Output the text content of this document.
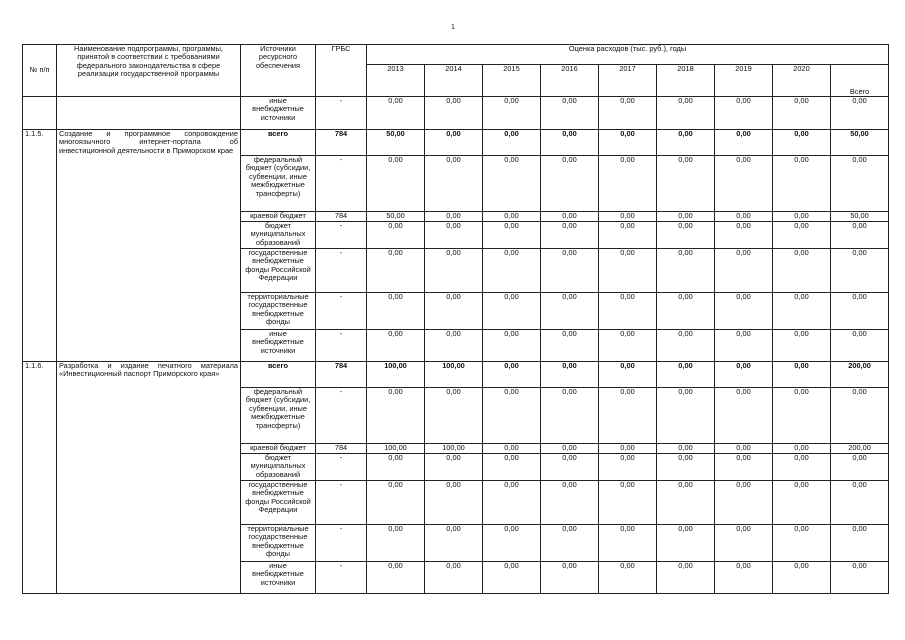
1
№ п/п	Наименование подпрограммы, программы, принятой в соответствии с требованиями федерального законодательства в сфере реализации государственной программы	Источники ресурсного обеспечения	ГРБС	Оценка расходов (тыс. руб.), годы								
				2013	2014	2015	2016	2017	2018	2019	2020	Всего
		иные внебюджетные источники	-	0,00	0,00	0,00	0,00	0,00	0,00	0,00	0,00	0,00
1.1.5.	Создание и программное сопровождение многоязычного интернет-портала об инвестиционной деятельности в Приморском крае	всего	784	50,00	0,00	0,00	0,00	0,00	0,00	0,00	0,00	50,00
		федеральный бюджет (субсидии, субвенции, иные межбюджетные трансферты)	-	0,00	0,00	0,00	0,00	0,00	0,00	0,00	0,00	0,00
		краевой бюджет	784	50,00	0,00	0,00	0,00	0,00	0,00	0,00	0,00	50,00
		бюджет муниципальных образований	-	0,00	0,00	0,00	0,00	0,00	0,00	0,00	0,00	0,00
		государственные внебюджетные фонды Российской Федерации	-	0,00	0,00	0,00	0,00	0,00	0,00	0,00	0,00	0,00
		территориальные государственные внебюджетные фонды	-	0,00	0,00	0,00	0,00	0,00	0,00	0,00	0,00	0,00
		иные внебюджетные источники	-	0,00	0,00	0,00	0,00	0,00	0,00	0,00	0,00	0,00
1.1.6.	Разработка и издание печатного материала «Инвестиционный паспорт Приморского края»	всего	784	100,00	100,00	0,00	0,00	0,00	0,00	0,00	0,00	200,00
		федеральный бюджет (субсидии, субвенции, иные межбюджетные трансферты)	-	0,00	0,00	0,00	0,00	0,00	0,00	0,00	0,00	0,00
		краевой бюджет	784	100,00	100,00	0,00	0,00	0,00	0,00	0,00	0,00	200,00
		бюджет муниципальных образований	-	0,00	0,00	0,00	0,00	0,00	0,00	0,00	0,00	0,00
		государственные внебюджетные фонды Российской Федерации	-	0,00	0,00	0,00	0,00	0,00	0,00	0,00	0,00	0,00
		территориальные государственные внебюджетные фонды	-	0,00	0,00	0,00	0,00	0,00	0,00	0,00	0,00	0,00
		иные внебюджетные источники	-	0,00	0,00	0,00	0,00	0,00	0,00	0,00	0,00	0,00
